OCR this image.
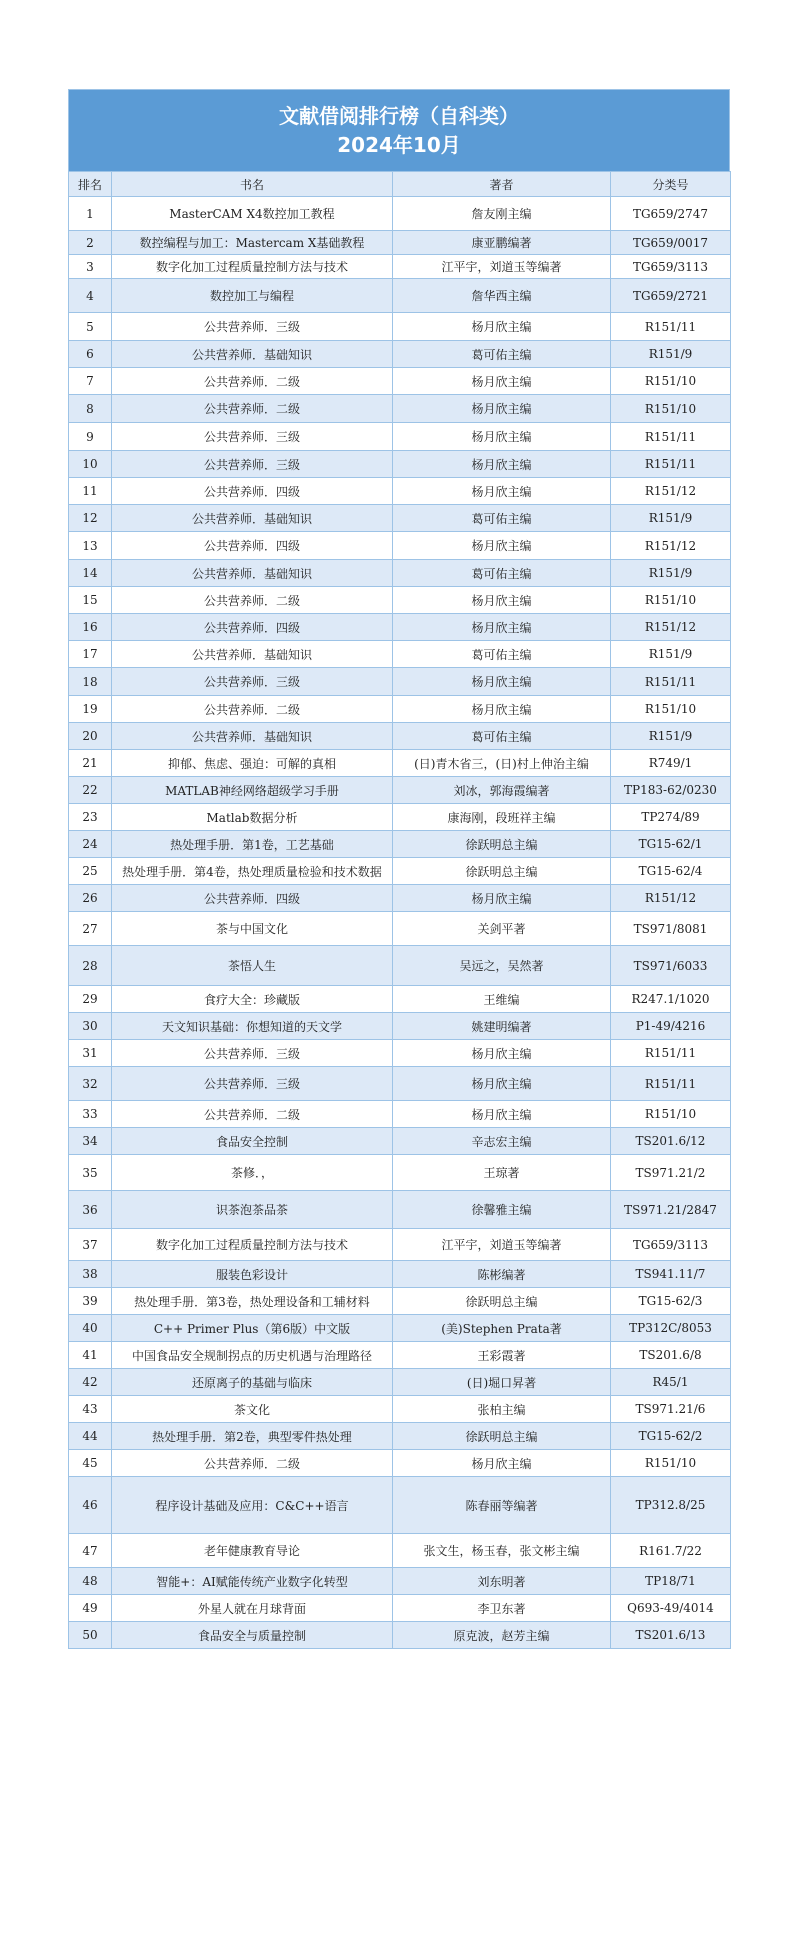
文献借阅排行榜（自科类）
2024年10月
排名	书名	著者	分类号
1	MasterCAM X4数控加工教程	詹友刚主编	TG659/2747
2	数控编程与加工：Mastercam X基础教程	康亚鹏编著	TG659/0017
3	数字化加工过程质量控制方法与技术	江平宇，刘道玉等编著	TG659/3113
4	数控加工与编程	詹华西主编	TG659/2721
5	公共营养师．三级	杨月欣主编	R151/11
6	公共营养师．基础知识	葛可佑主编	R151/9
7	公共营养师．二级	杨月欣主编	R151/10
8	公共营养师．二级	杨月欣主编	R151/10
9	公共营养师．三级	杨月欣主编	R151/11
10	公共营养师．三级	杨月欣主编	R151/11
11	公共营养师．四级	杨月欣主编	R151/12
12	公共营养师．基础知识	葛可佑主编	R151/9
13	公共营养师．四级	杨月欣主编	R151/12
14	公共营养师．基础知识	葛可佑主编	R151/9
15	公共营养师．二级	杨月欣主编	R151/10
16	公共营养师．四级	杨月欣主编	R151/12
17	公共营养师．基础知识	葛可佑主编	R151/9
18	公共营养师．三级	杨月欣主编	R151/11
19	公共营养师．二级	杨月欣主编	R151/10
20	公共营养师．基础知识	葛可佑主编	R151/9
21	抑郁、焦虑、强迫：可解的真相	(日)青木省三，(日)村上伸治主编	R749/1
22	MATLAB神经网络超级学习手册	刘冰，郭海霞编著	TP183-62/0230
23	Matlab数据分析	康海刚，段班祥主编	TP274/89
24	热处理手册．第1卷，工艺基础	徐跃明总主编	TG15-62/1
25	热处理手册．第4卷，热处理质量检验和技术数据	徐跃明总主编	TG15-62/4
26	公共营养师．四级	杨月欣主编	R151/12
27	茶与中国文化	关剑平著	TS971/8081
28	茶悟人生	吴远之，吴然著	TS971/6033
29	食疗大全：珍藏版	王维编	R247.1/1020
30	天文知识基础：你想知道的天文学	姚建明编著	P1-49/4216
31	公共营养师．三级	杨月欣主编	R151/11
32	公共营养师．三级	杨月欣主编	R151/11
33	公共营养师．二级	杨月欣主编	R151/10
34	食品安全控制	辛志宏主编	TS201.6/12
35	茶修．，	王琼著	TS971.21/2
36	识茶泡茶品茶	徐馨雅主编	TS971.21/2847
37	数字化加工过程质量控制方法与技术	江平宇，刘道玉等编著	TG659/3113
38	服装色彩设计	陈彬编著	TS941.11/7
39	热处理手册．第3卷，热处理设备和工辅材料	徐跃明总主编	TG15-62/3
40	C++ Primer Plus（第6版）中文版	(美)Stephen Prata著	TP312C/8053
41	中国食品安全规制拐点的历史机遇与治理路径	王彩霞著	TS201.6/8
42	还原离子的基础与临床	(日)堀口昇著	R45/1
43	茶文化	张柏主编	TS971.21/6
44	热处理手册．第2卷，典型零件热处理	徐跃明总主编	TG15-62/2
45	公共营养师．二级	杨月欣主编	R151/10
46	程序设计基础及应用：C&C++语言	陈春丽等编著	TP312.8/25
47	老年健康教育导论	张文生，杨玉春，张文彬主编	R161.7/22
48	智能+：AI赋能传统产业数字化转型	刘东明著	TP18/71
49	外星人就在月球背面	李卫东著	Q693-49/4014
50	食品安全与质量控制	原克波，赵芳主编	TS201.6/13
